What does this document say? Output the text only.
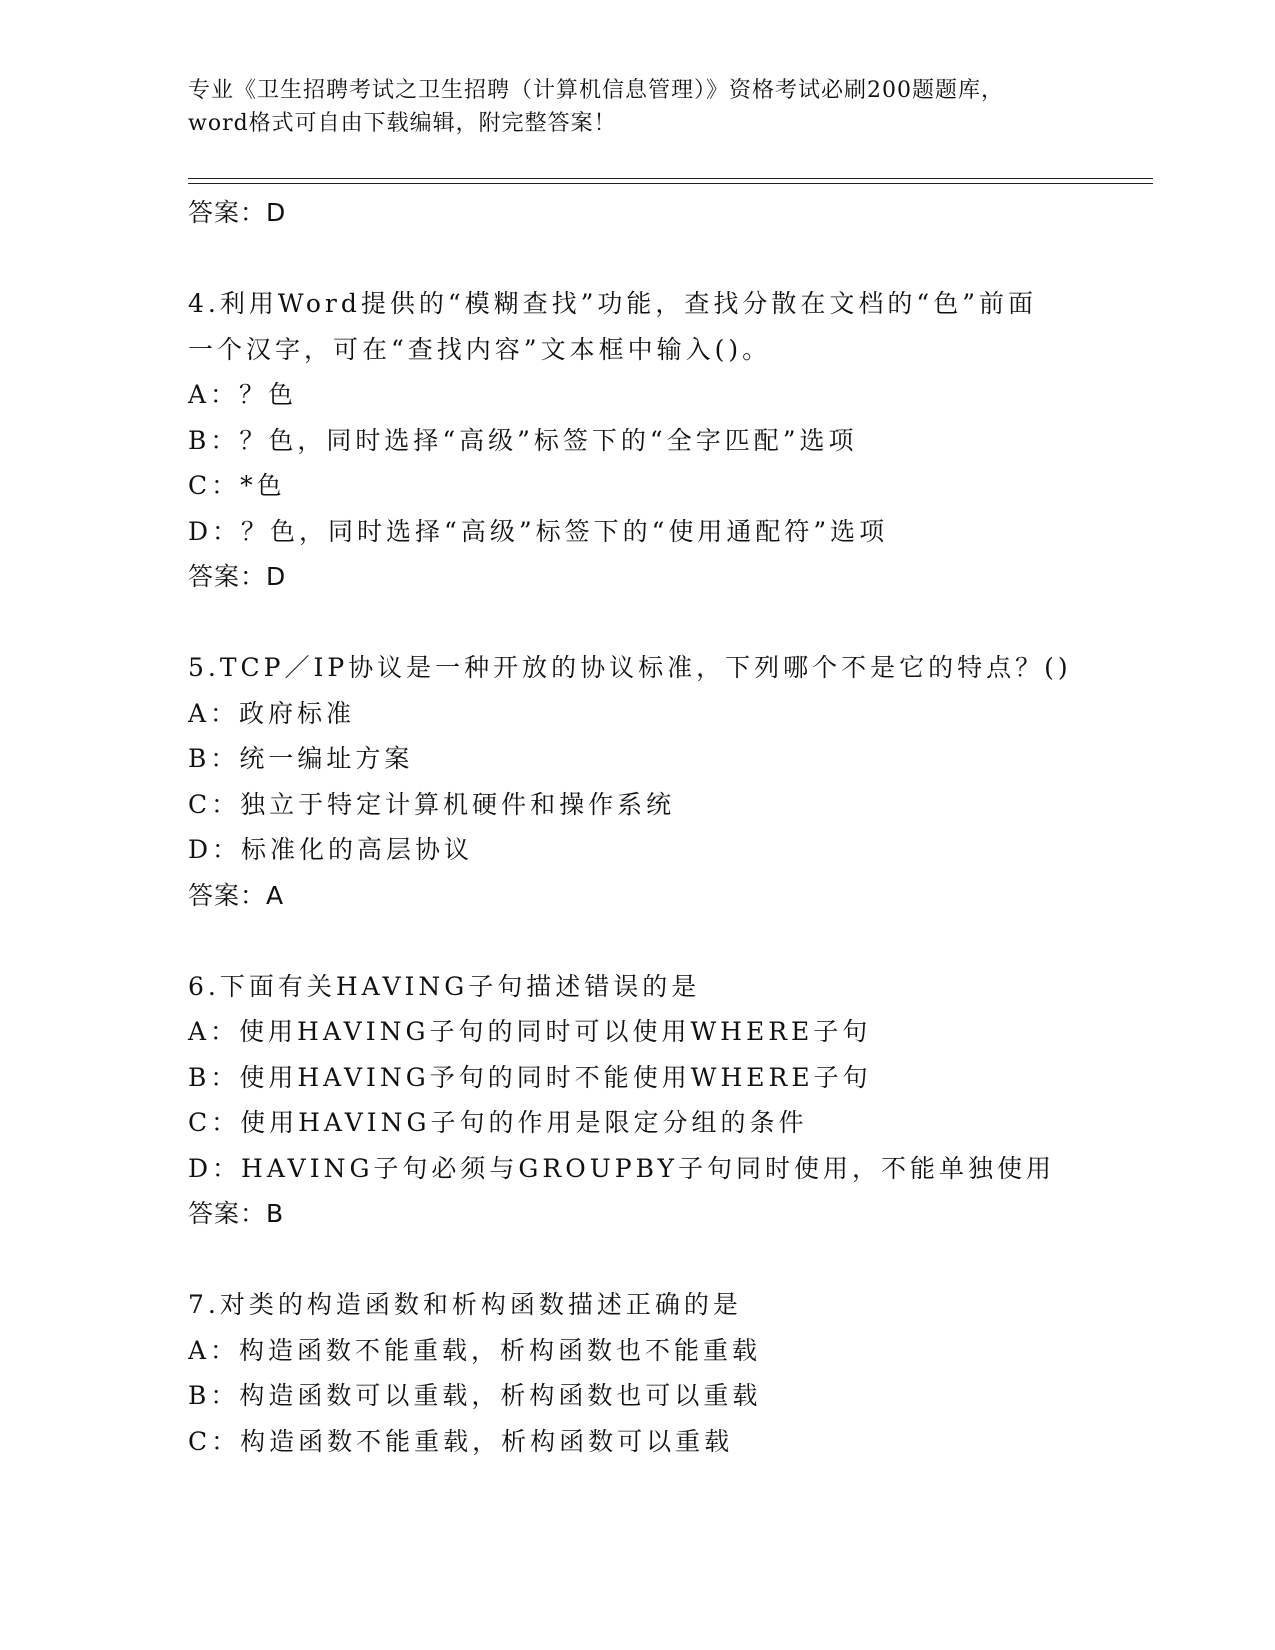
专业《卫生招聘考试之卫生招聘（计算机信息管理）》资格考试必刷200题题库，
word格式可自由下载编辑，附完整答案！
答案：D
4.利用Word提供的“模糊查找”功能，查找分散在文档的“色”前面
一个汉字，可在“查找内容”文本框中输入()。
A：？色
B：？色，同时选择“高级”标签下的“全字匹配”选项
C：*色
D：？色，同时选择“高级”标签下的“使用通配符”选项
答案：D
5.TCP／IP协议是一种开放的协议标准，下列哪个不是它的特点？()
A：政府标准
B：统一编址方案
C：独立于特定计算机硬件和操作系统
D：标准化的高层协议
答案：A
6.下面有关HAVING子句描述错误的是
A：使用HAVING子句的同时可以使用WHERE子句
B：使用HAVING予句的同时不能使用WHERE子句
C：使用HAVING子句的作用是限定分组的条件
D：HAVING子句必须与GROUPBY子句同时使用，不能单独使用
答案：B
7.对类的构造函数和析构函数描述正确的是
A：构造函数不能重载，析构函数也不能重载
B：构造函数可以重载，析构函数也可以重载
C：构造函数不能重载，析构函数可以重载
